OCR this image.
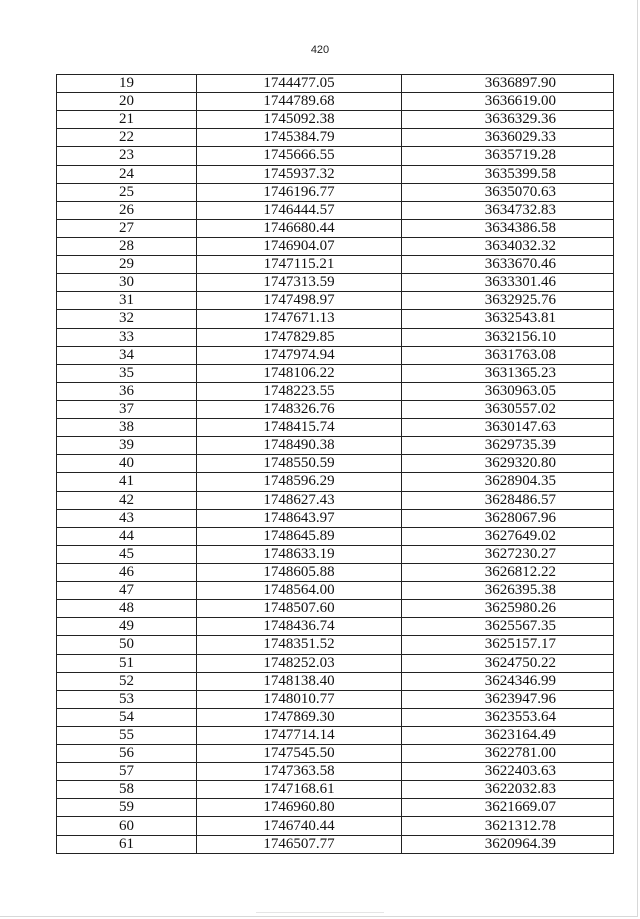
420
19	1744477.05	3636897.90
20	1744789.68	3636619.00
21	1745092.38	3636329.36
22	1745384.79	3636029.33
23	1745666.55	3635719.28
24	1745937.32	3635399.58
25	1746196.77	3635070.63
26	1746444.57	3634732.83
27	1746680.44	3634386.58
28	1746904.07	3634032.32
29	1747115.21	3633670.46
30	1747313.59	3633301.46
31	1747498.97	3632925.76
32	1747671.13	3632543.81
33	1747829.85	3632156.10
34	1747974.94	3631763.08
35	1748106.22	3631365.23
36	1748223.55	3630963.05
37	1748326.76	3630557.02
38	1748415.74	3630147.63
39	1748490.38	3629735.39
40	1748550.59	3629320.80
41	1748596.29	3628904.35
42	1748627.43	3628486.57
43	1748643.97	3628067.96
44	1748645.89	3627649.02
45	1748633.19	3627230.27
46	1748605.88	3626812.22
47	1748564.00	3626395.38
48	1748507.60	3625980.26
49	1748436.74	3625567.35
50	1748351.52	3625157.17
51	1748252.03	3624750.22
52	1748138.40	3624346.99
53	1748010.77	3623947.96
54	1747869.30	3623553.64
55	1747714.14	3623164.49
56	1747545.50	3622781.00
57	1747363.58	3622403.63
58	1747168.61	3622032.83
59	1746960.80	3621669.07
60	1746740.44	3621312.78
61	1746507.77	3620964.39
